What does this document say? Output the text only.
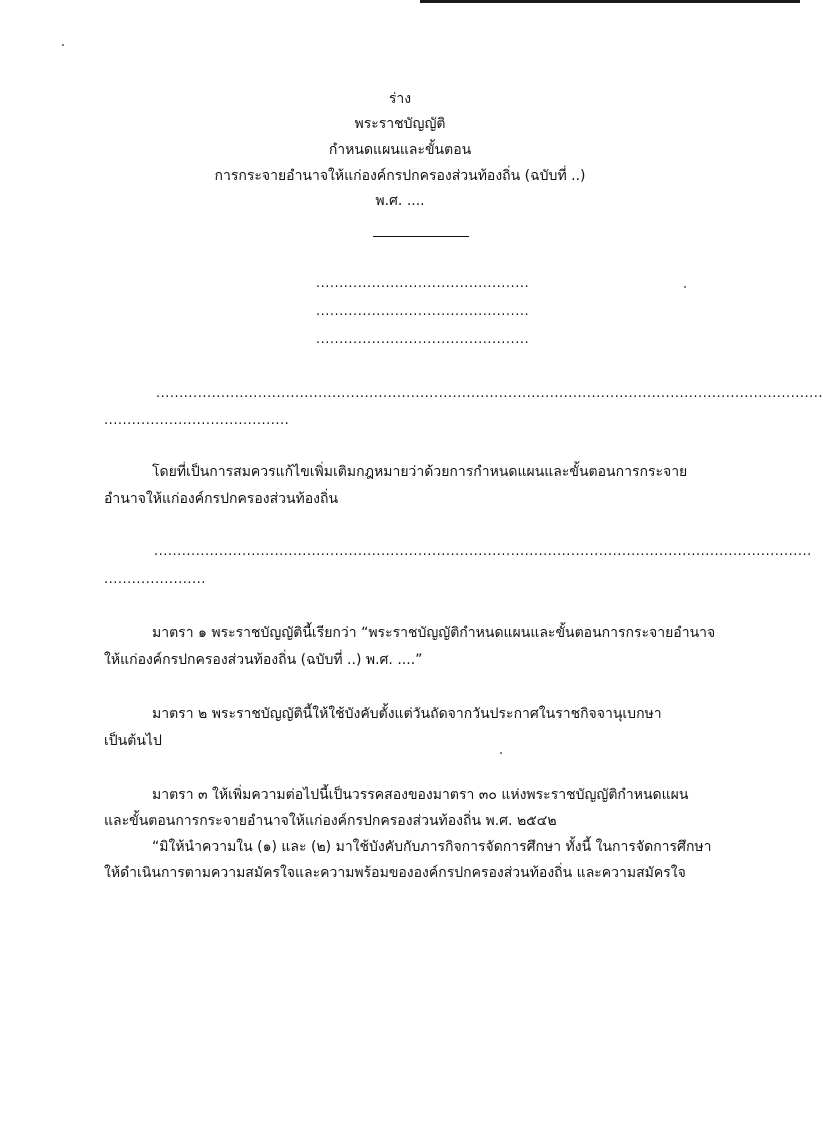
ร่าง
พระราชบัญญัติ
กำหนดแผนและขั้นตอน
การกระจายอำนาจให้แก่องค์กรปกครองส่วนท้องถิ่น (ฉบับที่ ..)
พ.ศ. ....
..............................................
..............................................
..............................................
................................................................................................................................................
........................................
โดยที่เป็นการสมควรแก้ไขเพิ่มเติมกฎหมายว่าด้วยการกำหนดแผนและขั้นตอนการกระจาย
อำนาจให้แก่องค์กรปกครองส่วนท้องถิ่น
..............................................................................................................................................
......................
มาตรา ๑ พระราชบัญญัตินี้เรียกว่า “พระราชบัญญัติกำหนดแผนและขั้นตอนการกระจายอำนาจ
ให้แก่องค์กรปกครองส่วนท้องถิ่น (ฉบับที่ ..) พ.ศ. ....”
มาตรา ๒ พระราชบัญญัตินี้ให้ใช้บังคับตั้งแต่วันถัดจากวันประกาศในราชกิจจานุเบกษา
เป็นต้นไป
มาตรา ๓ ให้เพิ่มความต่อไปนี้เป็นวรรคสองของมาตรา ๓๐ แห่งพระราชบัญญัติกำหนดแผน
และขั้นตอนการกระจายอำนาจให้แก่องค์กรปกครองส่วนท้องถิ่น พ.ศ. ๒๕๔๒
“มิให้นำความใน (๑) และ (๒) มาใช้บังคับกับภารกิจการจัดการศึกษา ทั้งนี้ ในการจัดการศึกษา
ให้ดำเนินการตามความสมัครใจและความพร้อมขององค์กรปกครองส่วนท้องถิ่น และความสมัครใจ
